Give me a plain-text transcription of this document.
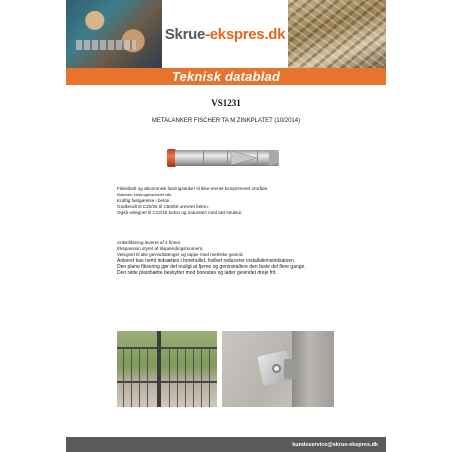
Skrue-ekspres.dk
Teknisk datablad
VS1231
METALANKER FISCHER TA M ZINKPLATET (10/2014)

Fleksibelt og økonomisk fatningsanker til ikke-revnet komprimeret område.

Materiale: elektrogalvaniseret stål.

Kraftig fastgørelse i beton.

Godkendt til C20/25 til C50/60 urevnet beton.

Også velegnet til C12/15 beton og natursten med tæt struktur.

Ankerlåsning leveret af 2 finner.

Ekspansion styret af tilspændingsmoment.

Velegnet til alle gevindstænger og tappe med metriske gevind.

Ankeret kan nemt indsættes i borehullet, hvilket reducerer installationsindsatsen.

Den plane fiksering gør det muligt at fjerne og geninstallere den faste del flere gange.

Den røde plasthætte beskytter mod borestøv og lader gevindet dreje frit.

kundeservice@skrue-ekspres.dk
